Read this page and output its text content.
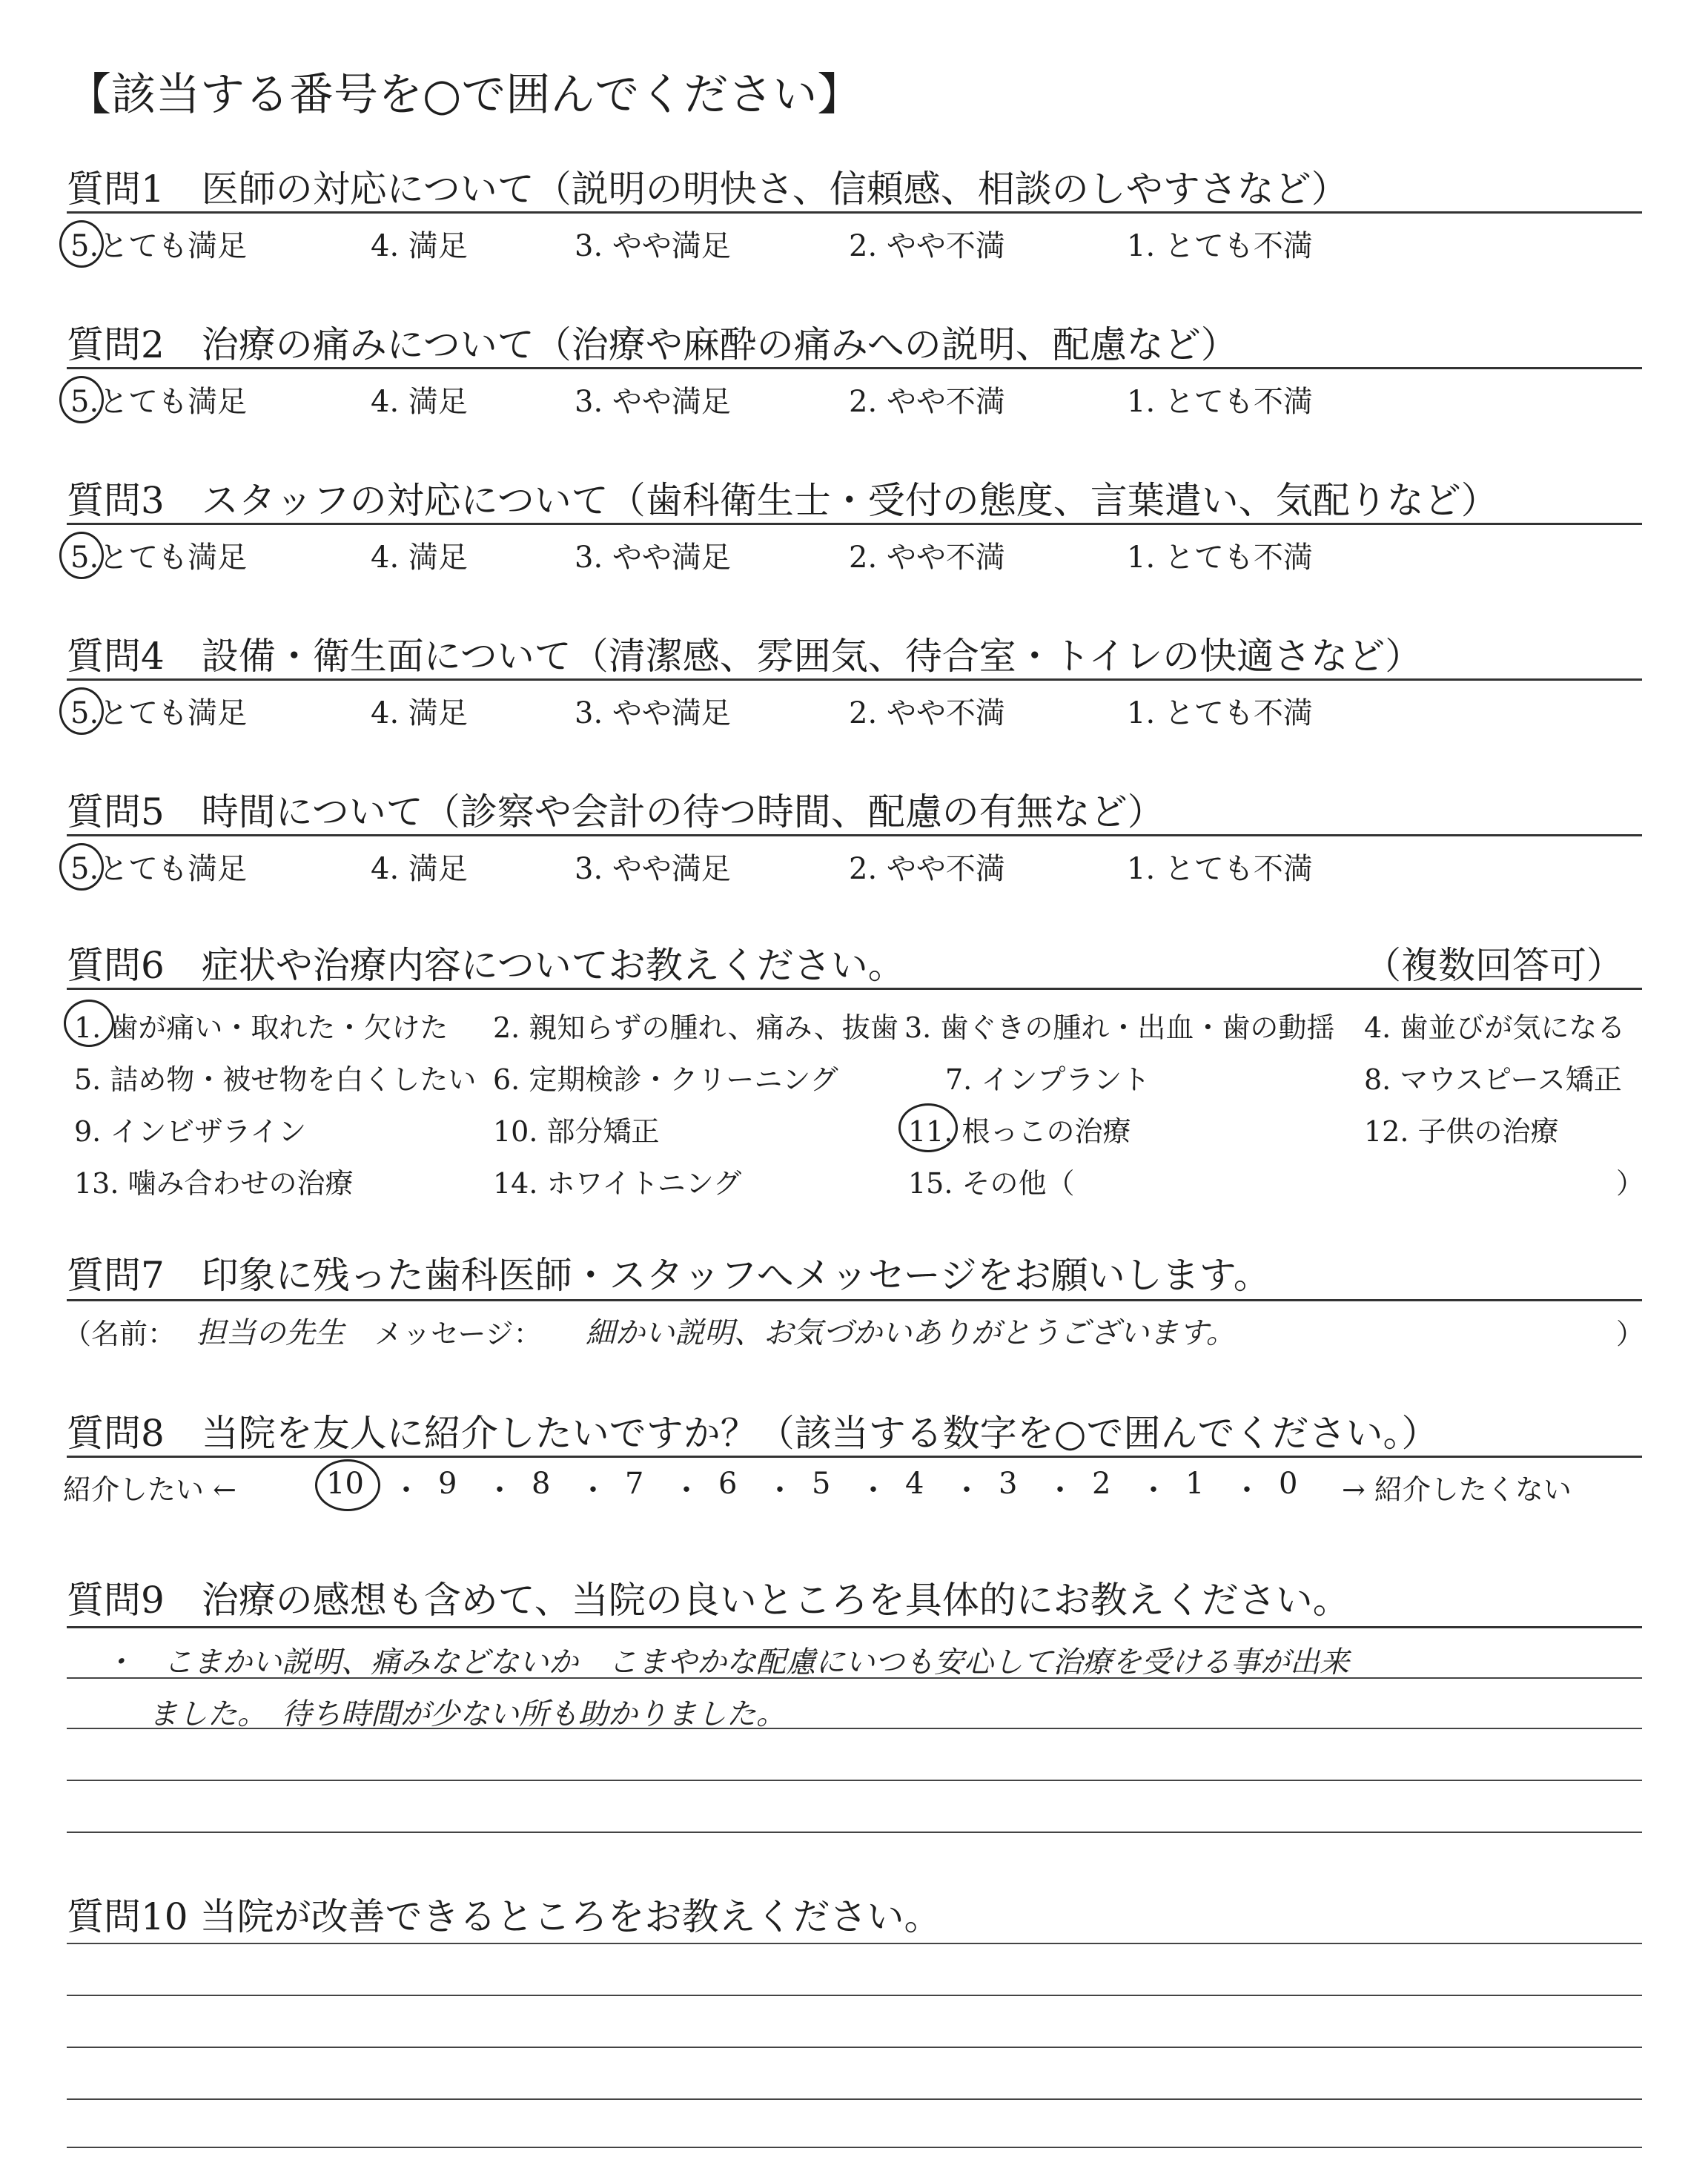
【該当する番号を○で囲んでください】
質問1　医師の対応について（説明の明快さ、信頼感、相談のしやすさなど）
5.とても満足	4. 満足	3. やや満足	2. やや不満	1. とても不満
質問2　治療の痛みについて（治療や麻酔の痛みへの説明、配慮など）
5.とても満足	4. 満足	3. やや満足	2. やや不満	1. とても不満
質問3　スタッフの対応について（歯科衛生士・受付の態度、言葉遣い、気配りなど）
5.とても満足	4. 満足	3. やや満足	2. やや不満	1. とても不満
質問4　設備・衛生面について（清潔感、雰囲気、待合室・トイレの快適さなど）
5.とても満足	4. 満足	3. やや満足	2. やや不満	1. とても不満
質問5　時間について（診察や会計の待つ時間、配慮の有無など）
5.とても満足	4. 満足	3. やや満足	2. やや不満	1. とても不満
質問6　症状や治療内容についてお教えください。	（複数回答可）
1. 歯が痛い・取れた・欠けた 2. 親知らずの腫れ、痛み、抜歯 3. 歯ぐきの腫れ・出血・歯の動揺 4. 歯並びが気になる
5. 詰め物・被せ物を白くしたい 6. 定期検診・クリーニング	7. インプラント	8. マウスピース矯正
9. インビザライン	10. 部分矯正	11. 根っこの治療	12. 子供の治療
13. 噛み合わせの治療	14. ホワイトニング	15. その他（	）
質問7　印象に残った歯科医師・スタッフへメッセージをお願いします。
（名前： 担当の先生 メッセージ： 細かい説明、お気づかいありがとうございます。	）
質問8　当院を友人に紹介したいですか？（該当する数字を○で囲んでください。）
紹介したい ←	10 ・ 9 ・ 8 ・ 7 ・ 6 ・ 5 ・ 4 ・ 3 ・ 2 ・ 1 ・ 0 → 紹介したくない
質問9　治療の感想も含めて、当院の良いところを具体的にお教えください。
・　こまかい説明、痛みなどないか　こまやかな配慮にいつも安心して治療を受ける事が出来
ました。　待ち時間が少ない所も助かりました。
質問10 当院が改善できるところをお教えください。
